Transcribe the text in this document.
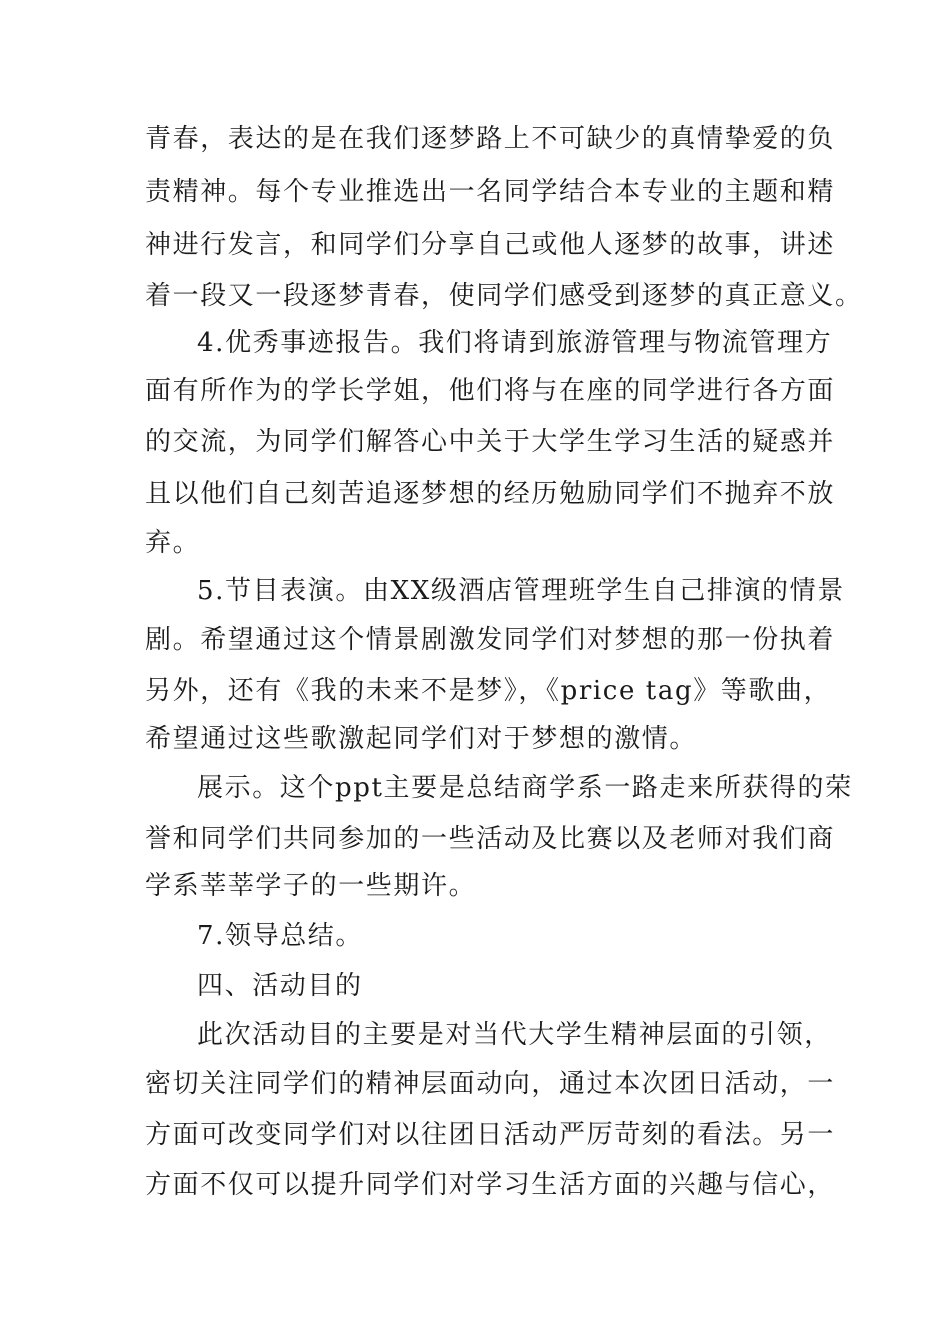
青春，表达的是在我们逐梦路上不可缺少的真情挚爱的负
责精神。每个专业推选出一名同学结合本专业的主题和精
神进行发言，和同学们分享自己或他人逐梦的故事，讲述
着一段又一段逐梦青春，使同学们感受到逐梦的真正意义。
4.优秀事迹报告。我们将请到旅游管理与物流管理方
面有所作为的学长学姐，他们将与在座的同学进行各方面
的交流，为同学们解答心中关于大学生学习生活的疑惑并
且以他们自己刻苦追逐梦想的经历勉励同学们不抛弃不放
弃。
5.节目表演。由XX级酒店管理班学生自己排演的情景
剧。希望通过这个情景剧激发同学们对梦想的那一份执着
另外，还有《我的未来不是梦》，《price tag》等歌曲，
希望通过这些歌激起同学们对于梦想的激情。
展示。这个ppt主要是总结商学系一路走来所获得的荣
誉和同学们共同参加的一些活动及比赛以及老师对我们商
学系莘莘学子的一些期许。
7.领导总结。
四、活动目的
此次活动目的主要是对当代大学生精神层面的引领，
密切关注同学们的精神层面动向，通过本次团日活动，一
方面可改变同学们对以往团日活动严厉苛刻的看法。另一
方面不仅可以提升同学们对学习生活方面的兴趣与信心，
